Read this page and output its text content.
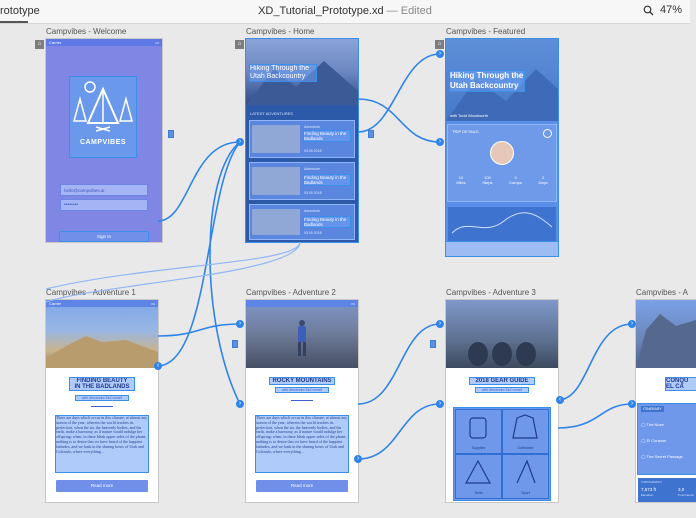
rototype	XD_Tutorial_Prototype.xd — Edited	47%
Campvibes - Welcome
⌂	Carrier	▭
CAMPVIBES
hello@campvibes.ai
••••••••
Sign In
Campvibes - Home
⌂
Hiking Through the Utah Backcountry
LATEST ADVENTURES
Adventure
Finding Beauty in the Badlands
03.09.2018
Adventure
Finding Beauty in the Badlands
03.09.2018
Adventure
Finding Beauty in the Badlands
03.09.2018
Campvibes - Featured
⌂
Hiking Through the Utah Backcountry
with Todd Woodworth
TRIP DETAILS
10
Miles
100
Steps
3
Camps
2
Days
Campvibes - Adventure 1
Carrier	▭
FINDING BEAUTY
IN THE BADLANDS
with Alexandra McConnell
There are days which occur in this climate, at almost any season of the year, wherein the world reaches its perfection, when the air, the heavenly bodies, and the earth, make a harmony, as if nature would indulge her offspring; when, in these bleak upper sides of the planet, nothing is to desire that we have heard of the happiest latitudes, and we bask in the shining hours of Utah and Colorado, where everything...
Read more
Campvibes - Adventure 2
▭
ROCKY MOUNTAINS
with Alexandra McConnell
There are days which occur in this climate, at almost any season of the year, wherein the world reaches its perfection, when the air, the heavenly bodies, and the earth, make a harmony, as if nature would indulge her offspring; when, in these bleak upper sides of the planet, nothing is to desire that we have heard of the happiest latitudes, and we bask in the shining hours of Utah and Colorado, where everything...
Read more
Campvibes - Adventure 3
2018 GEAR GUIDE
with Alexandra McConnell
Supplies	Outerwear
Tents	Sport
Campvibes - A
CONQU
EL CA
ITINERARY
◯ The Nose
◯ El Corazon
◯ The Secret Passage
TOPOGRAPHY
7,573 ft
Elevation
3,0
Prominence
›
›
›
›
›
›
›
›
›
‹
›
‹
